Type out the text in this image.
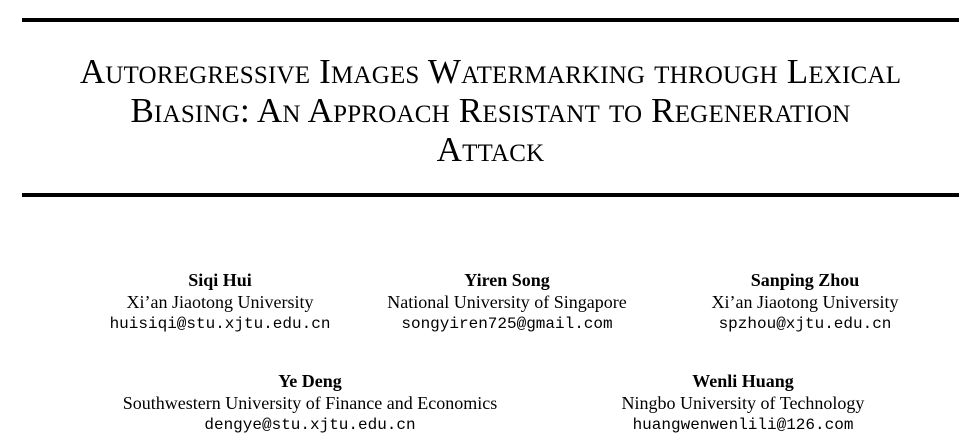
Autoregressive Images Watermarking through Lexical
Biasing: An Approach Resistant to Regeneration
Attack
Siqi Hui
Xi’an Jiaotong University
huisiqi@stu.xjtu.edu.cn
Yiren Song
National University of Singapore
songyiren725@gmail.com
Sanping Zhou
Xi’an Jiaotong University
spzhou@xjtu.edu.cn
Ye Deng
Southwestern University of Finance and Economics
dengye@stu.xjtu.edu.cn
Wenli Huang
Ningbo University of Technology
huangwenwenlili@126.com
